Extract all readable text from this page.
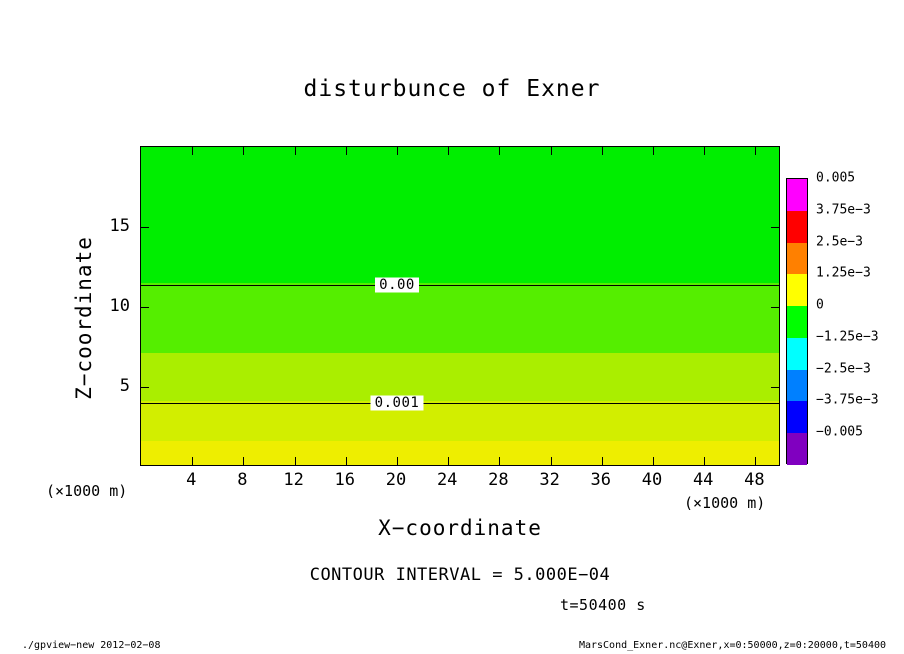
disturbunce of Exner
0.00
0.001
4 8 12 16 20 24 28 32 36 40 44 48
5
10
15
X−coordinate
Z−coordinate
(×1000 m)
(×1000 m)
CONTOUR INTERVAL = 5.000E−04
t=50400 s
./gpview−new 2012−02−08	MarsCond_Exner.nc@Exner,x=0:50000,z=0:20000,t=50400
0.005
3.75e−3
2.5e−3
1.25e−3
0
−1.25e−3
−2.5e−3
−3.75e−3
−0.005
